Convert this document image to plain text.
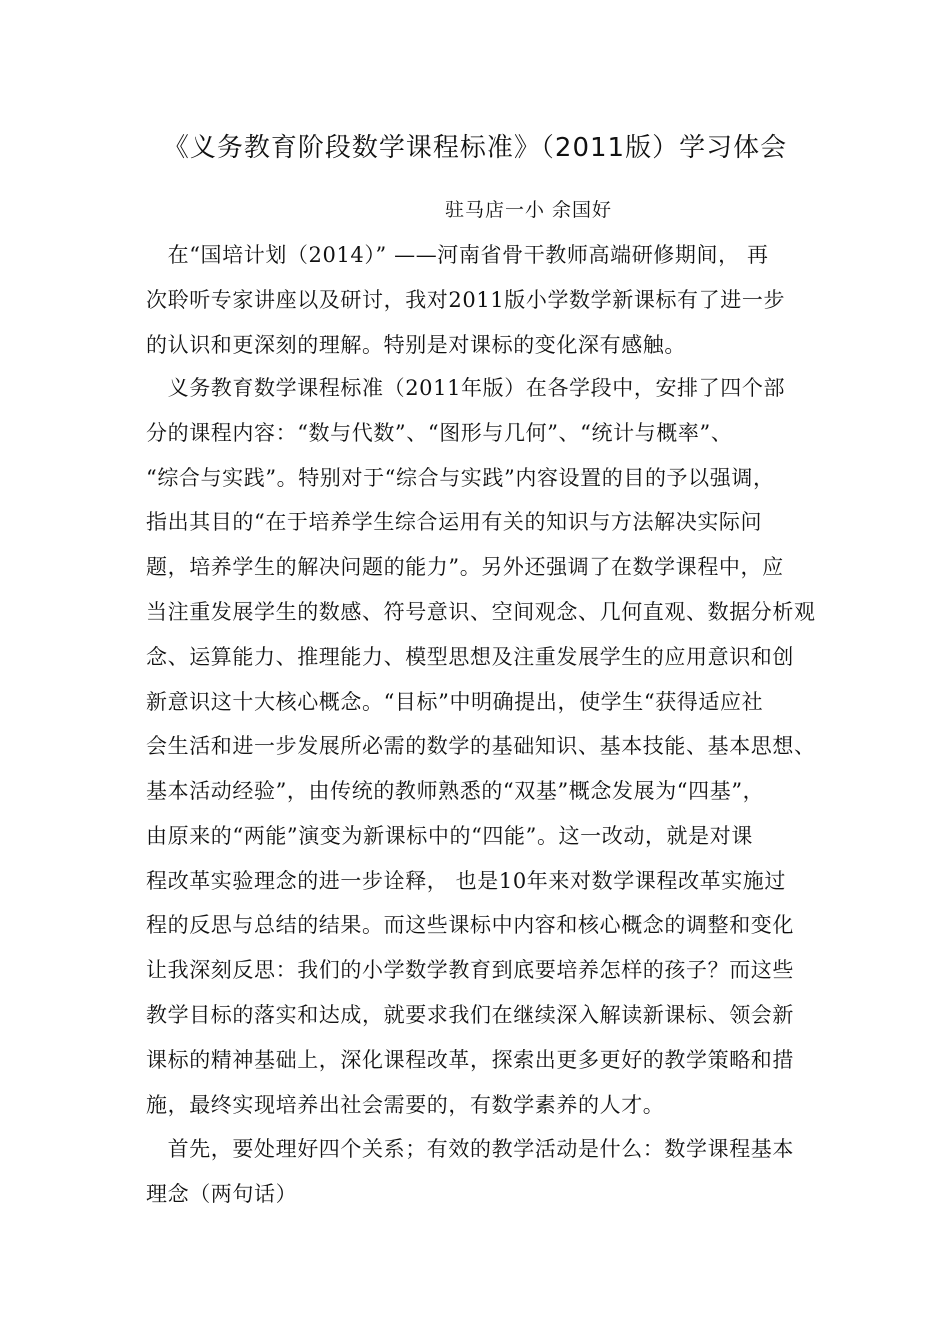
《义务教育阶段数学课程标准》（2011版）学习体会
驻马店一小 余国好
　在“国培计划（2014）” ——河南省骨干教师高端研修期间， 再
次聆听专家讲座以及研讨，我对2011版小学数学新课标有了进一步
的认识和更深刻的理解。特别是对课标的变化深有感触。
　义务教育数学课程标准（2011年版）在各学段中，安排了四个部
分的课程内容：“数与代数”、“图形与几何”、“统计与概率”、
“综合与实践”。特别对于“综合与实践”内容设置的目的予以强调，
指出其目的“在于培养学生综合运用有关的知识与方法解决实际问
题，培养学生的解决问题的能力”。另外还强调了在数学课程中，应
当注重发展学生的数感、符号意识、空间观念、几何直观、数据分析观
念、运算能力、推理能力、模型思想及注重发展学生的应用意识和创
新意识这十大核心概念。“目标”中明确提出，使学生“获得适应社
会生活和进一步发展所必需的数学的基础知识、基本技能、基本思想、
基本活动经验”，由传统的教师熟悉的“双基”概念发展为“四基”，
由原来的“两能”演变为新课标中的“四能”。这一改动，就是对课
程改革实验理念的进一步诠释， 也是10年来对数学课程改革实施过
程的反思与总结的结果。而这些课标中内容和核心概念的调整和变化
让我深刻反思：我们的小学数学教育到底要培养怎样的孩子？而这些
教学目标的落实和达成，就要求我们在继续深入解读新课标、领会新
课标的精神基础上，深化课程改革，探索出更多更好的教学策略和措
施，最终实现培养出社会需要的，有数学素养的人才。
　首先，要处理好四个关系；有效的教学活动是什么：数学课程基本
理念（两句话）
